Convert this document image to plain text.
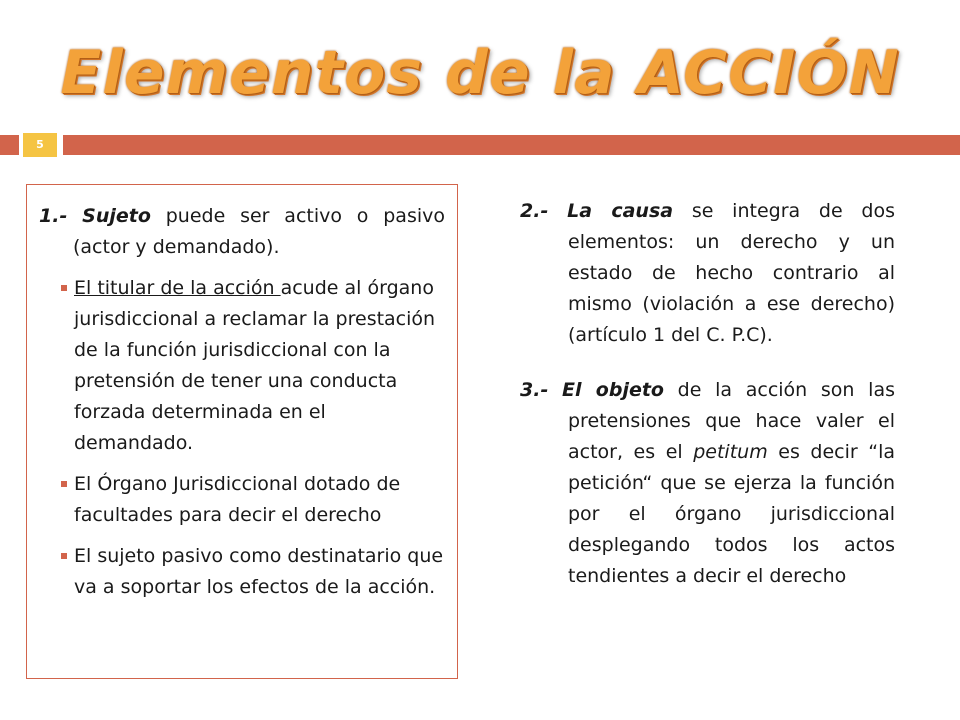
Elementos de la ACCIÓN
5

1.- Sujeto puede ser activo o pasivo (actor y demandado).

El titular de la acción acude al órgano jurisdiccional a reclamar la prestación de la función jurisdiccional con la pretensión de tener una conducta forzada determinada en el demandado.
El Órgano Jurisdiccional dotado de facultades para decir el derecho
El sujeto pasivo como destinatario que va a soportar los efectos de la acción.

2.- La causa se integra de dos elementos: un derecho y un estado de hecho contrario al mismo (violación a ese derecho)(artículo 1 del C. P.C).

3.- El objeto de la acción son las pretensiones que hace valer el actor, es el petitum es decir “la petición“ que se ejerza la función por el órgano jurisdiccional desplegando todos los actos tendientes a decir el derecho
